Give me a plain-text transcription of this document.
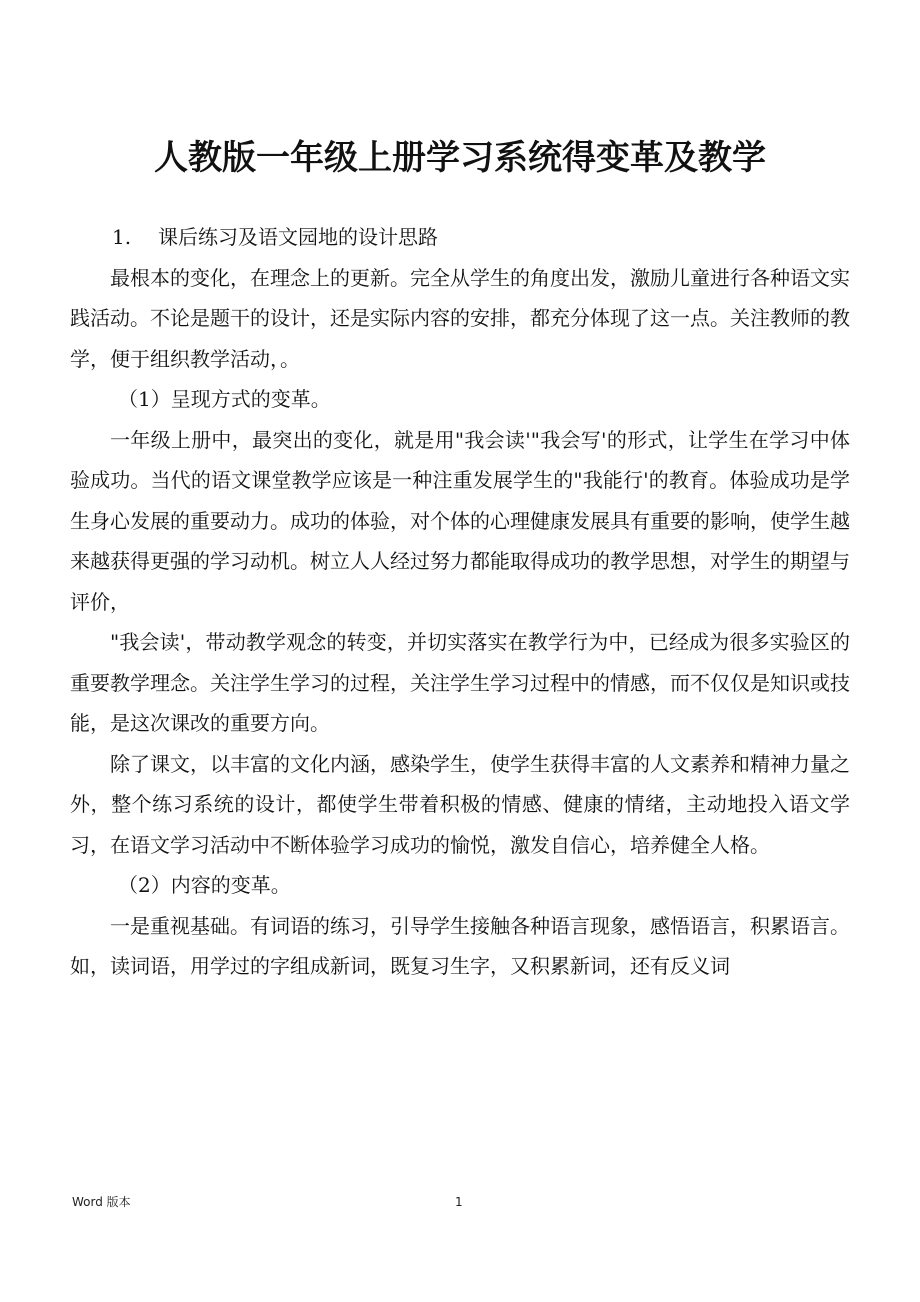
人教版一年级上册学习系统得变革及教学

1. 课后练习及语文园地的设计思路

最根本的变化，在理念上的更新。完全从学生的角度出发，激励儿童进行各种语文实践活动。不论是题干的设计，还是实际内容的安排，都充分体现了这一点。关注教师的教学，便于组织教学活动，。

（1）呈现方式的变革。

一年级上册中，最突出的变化，就是用"我会读'"我会写'的形式，让学生在学习中体验成功。当代的语文课堂教学应该是一种注重发展学生的"我能行'的教育。体验成功是学生身心发展的重要动力。成功的体验，对个体的心理健康发展具有重要的影响，使学生越来越获得更强的学习动机。树立人人经过努力都能取得成功的教学思想，对学生的期望与评价，

"我会读'，带动教学观念的转变，并切实落实在教学行为中，已经成为很多实验区的重要教学理念。关注学生学习的过程，关注学生学习过程中的情感，而不仅仅是知识或技能，是这次课改的重要方向。

除了课文，以丰富的文化内涵，感染学生，使学生获得丰富的人文素养和精神力量之外，整个练习系统的设计，都使学生带着积极的情感、健康的情绪，主动地投入语文学习，在语文学习活动中不断体验学习成功的愉悦，激发自信心，培养健全人格。

（2）内容的变革。

一是重视基础。有词语的练习，引导学生接触各种语言现象，感悟语言，积累语言。如，读词语，用学过的字组成新词，既复习生字，又积累新词，还有反义词

Word 版本	1
